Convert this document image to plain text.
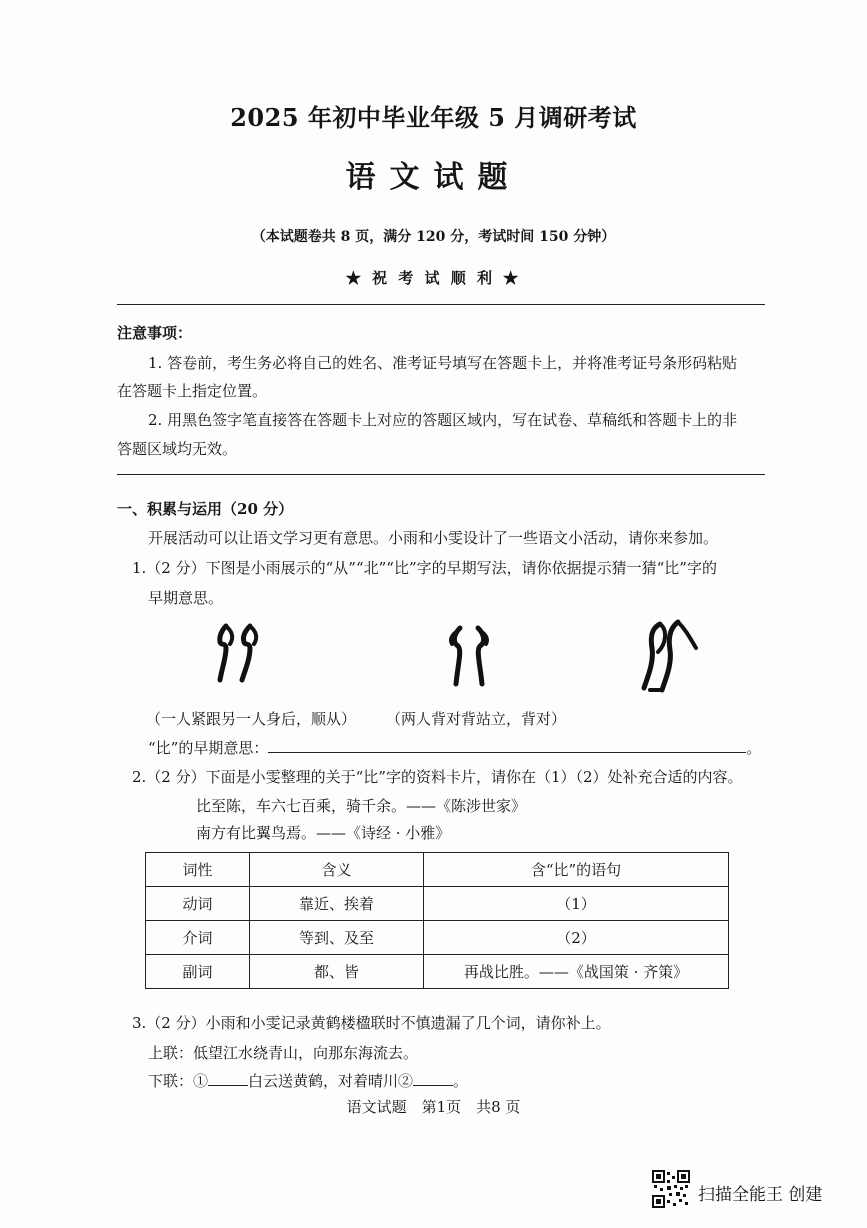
2025 年初中毕业年级 5 月调研考试
语文试题
（本试题卷共 8 页，满分 120 分，考试时间 150 分钟）
★ 祝 考 试 顺 利 ★
注意事项：
1. 答卷前，考生务必将自己的姓名、准考证号填写在答题卡上，并将准考证号条形码粘贴
在答题卡上指定位置。
2. 用黑色签字笔直接答在答题卡上对应的答题区域内，写在试卷、草稿纸和答题卡上的非
答题区域均无效。
一、积累与运用（20 分）
开展活动可以让语文学习更有意思。小雨和小雯设计了一些语文小活动，请你来参加。
1.（2 分）下图是小雨展示的“从”“北”“比”字的早期写法，请你依据提示猜一猜“比”字的
早期意思。
（一人紧跟另一人身后，顺从） （两人背对背站立，背对）
“比”的早期意思：	。
2.（2 分）下面是小雯整理的关于“比”字的资料卡片，请你在（1）（2）处补充合适的内容。
比至陈，车六七百乘，骑千余。——《陈涉世家》
南方有比翼鸟焉。——《诗经 · 小雅》
词性	含义	含“比”的语句
动词	靠近、挨着	（1）
介词	等到、及至	（2）
副词	都、皆	再战比胜。——《战国策 · 齐策》
3.（2 分）小雨和小雯记录黄鹤楼楹联时不慎遗漏了几个词，请你补上。
上联：低望江水绕青山，向那东海流去。
下联：①	白云送黄鹤，对着晴川②	。
语文试题　第1页　共8 页
扫描全能王 创建
